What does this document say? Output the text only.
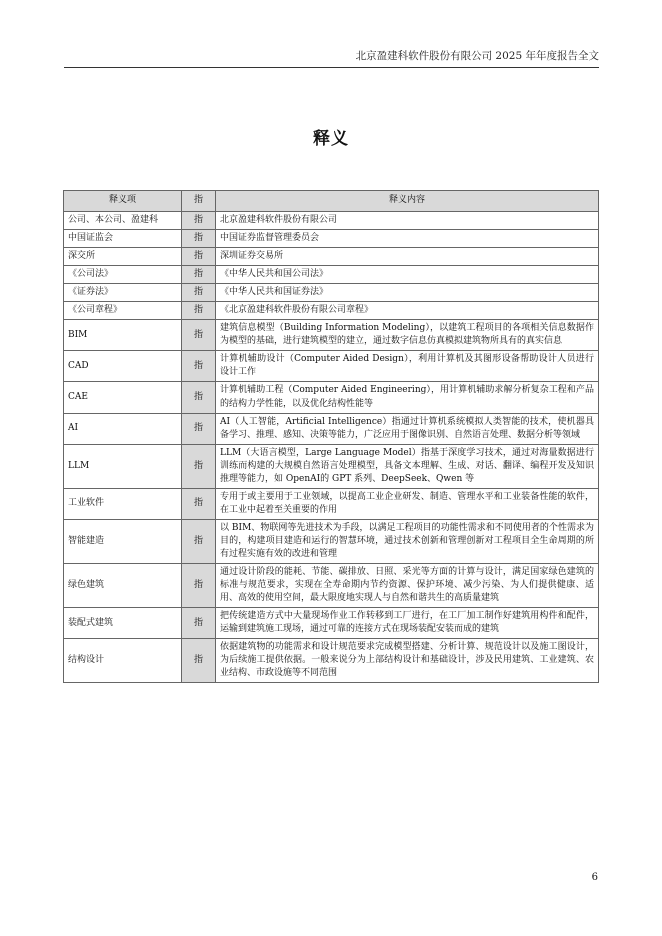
北京盈建科软件股份有限公司 2025 年年度报告全文
释义
释义项	指	释义内容
公司、本公司、盈建科	指	北京盈建科软件股份有限公司
中国证监会	指	中国证券监督管理委员会
深交所	指	深圳证券交易所
《公司法》	指	《中华人民共和国公司法》
《证券法》	指	《中华人民共和国证券法》
《公司章程》	指	《北京盈建科软件股份有限公司章程》
BIM	指	建筑信息模型（Building Information Modeling），以建筑工程项目的各项相关信息数据作为模型的基础，进行建筑模型的建立，通过数字信息仿真模拟建筑物所具有的真实信息
CAD	指	计算机辅助设计（Computer Aided Design），利用计算机及其图形设备帮助设计人员进行设计工作
CAE	指	计算机辅助工程（Computer Aided Engineering），用计算机辅助求解分析复杂工程和产品的结构力学性能，以及优化结构性能等
AI	指	AI（人工智能，Artificial Intelligence）指通过计算机系统模拟人类智能的技术，使机器具备学习、推理、感知、决策等能力，广泛应用于图像识别、自然语言处理、数据分析等领域
LLM	指	LLM（大语言模型，Large Language Model）指基于深度学习技术，通过对海量数据进行训练而构建的大规模自然语言处理模型，具备文本理解、生成、对话、翻译、编程开发及知识推理等能力，如 OpenAI的 GPT 系列、DeepSeek、Qwen 等
工业软件	指	专用于或主要用于工业领域，以提高工业企业研发、制造、管理水平和工业装备性能的软件，在工业中起着至关重要的作用
智能建造	指	以 BIM、物联网等先进技术为手段，以满足工程项目的功能性需求和不同使用者的个性需求为目的，构建项目建造和运行的智慧环境，通过技术创新和管理创新对工程项目全生命周期的所有过程实施有效的改进和管理
绿色建筑	指	通过设计阶段的能耗、节能、碳排放、日照、采光等方面的计算与设计，满足国家绿色建筑的标准与规范要求，实现在全寿命期内节约资源、保护环境、减少污染、为人们提供健康、适用、高效的使用空间，最大限度地实现人与自然和谐共生的高质量建筑
装配式建筑	指	把传统建造方式中大量现场作业工作转移到工厂进行，在工厂加工制作好建筑用构件和配件，运输到建筑施工现场，通过可靠的连接方式在现场装配安装而成的建筑
结构设计	指	依据建筑物的功能需求和设计规范要求完成模型搭建、分析计算、规范设计以及施工图设计，为后续施工提供依据。一般来说分为上部结构设计和基础设计，涉及民用建筑、工业建筑、农业结构、市政设施等不同范围
6
